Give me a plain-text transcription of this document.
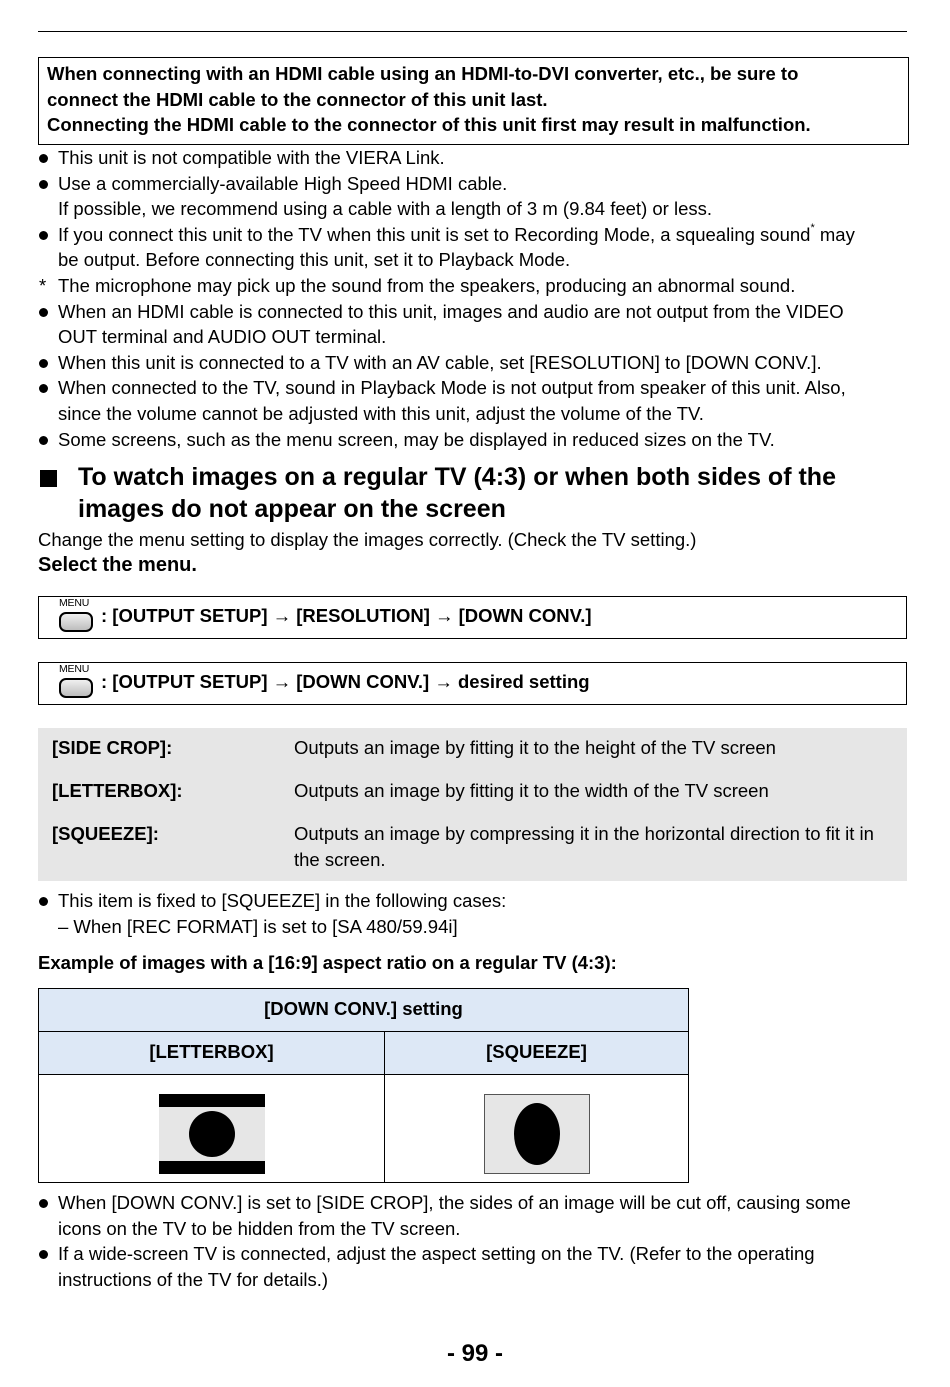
When connecting with an HDMI cable using an HDMI-to-DVI converter, etc., be sure to
connect the HDMI cable to the connector of this unit last.
Connecting the HDMI cable to the connector of this unit first may result in malfunction.
This unit is not compatible with the VIERA Link.
Use a commercially-available High Speed HDMI cable.
If possible, we recommend using a cable with a length of 3 m (9.84 feet) or less.
If you connect this unit to the TV when this unit is set to Recording Mode, a squealing sound* may
be output. Before connecting this unit, set it to Playback Mode.
* The microphone may pick up the sound from the speakers, producing an abnormal sound.
When an HDMI cable is connected to this unit, images and audio are not output from the VIDEO
OUT terminal and AUDIO OUT terminal.
When this unit is connected to a TV with an AV cable, set [RESOLUTION] to [DOWN CONV.].
When connected to the TV, sound in Playback Mode is not output from speaker of this unit. Also,
since the volume cannot be adjusted with this unit, adjust the volume of the TV.
Some screens, such as the menu screen, may be displayed in reduced sizes on the TV.
To watch images on a regular TV (4:3) or when both sides of the
images do not appear on the screen
Change the menu setting to display the images correctly. (Check the TV setting.)
Select the menu.
MENU
: [OUTPUT SETUP] → [RESOLUTION] → [DOWN CONV.]
MENU
: [OUTPUT SETUP] → [DOWN CONV.] → desired setting
[SIDE CROP]:	Outputs an image by fitting it to the height of the TV screen
[LETTERBOX]:	Outputs an image by fitting it to the width of the TV screen
[SQUEEZE]:	Outputs an image by compressing it in the horizontal direction to fit it in the screen.
This item is fixed to [SQUEEZE] in the following cases:
– When [REC FORMAT] is set to [SA 480/59.94i]
Example of images with a [16:9] aspect ratio on a regular TV (4:3):
[DOWN CONV.] setting
[LETTERBOX]	[SQUEEZE]
When [DOWN CONV.] is set to [SIDE CROP], the sides of an image will be cut off, causing some
icons on the TV to be hidden from the TV screen.
If a wide-screen TV is connected, adjust the aspect setting on the TV. (Refer to the operating
instructions of the TV for details.)
- 99 -
